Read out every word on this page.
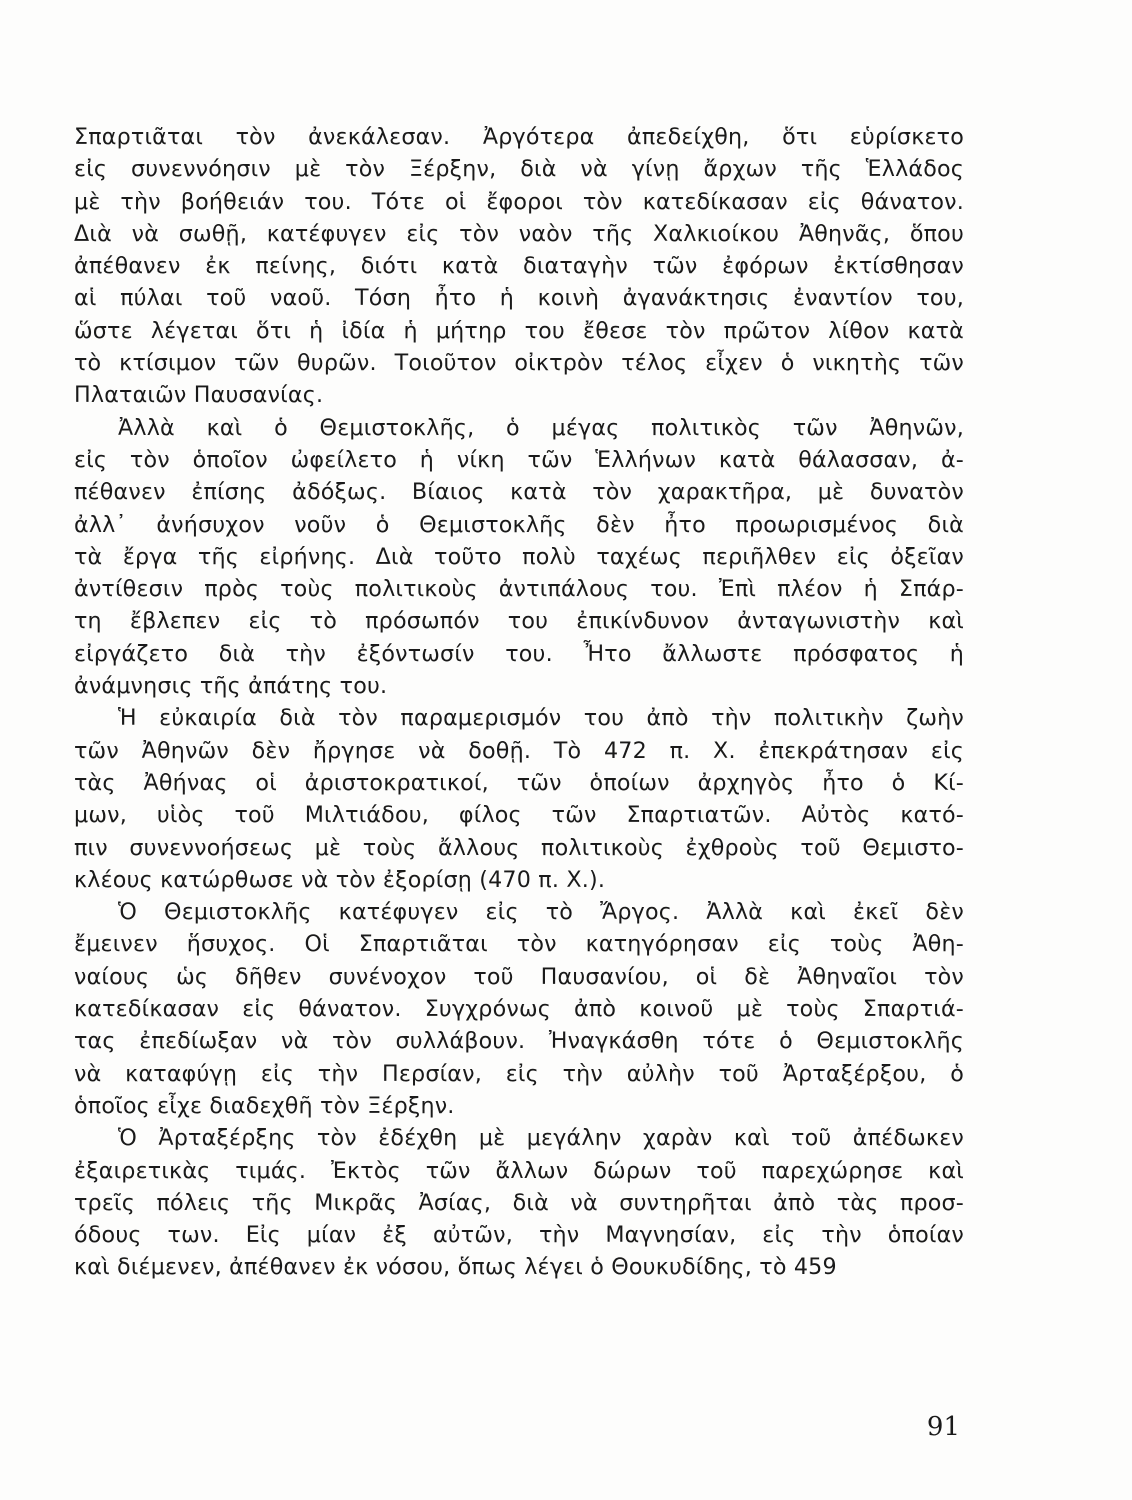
Σπαρτιᾶται τὸν ἀνεκάλεσαν. Ἀργότερα ἀπεδείχθη, ὅτι εὑρίσκετο
εἰς συνεννόησιν μὲ τὸν Ξέρξην, διὰ νὰ γίνῃ ἄρχων τῆς Ἑλλάδος
μὲ τὴν βοήθειάν του. Τότε οἱ ἔφοροι τὸν κατεδίκασαν εἰς θάνατον.
Διὰ νὰ σωθῇ, κατέφυγεν εἰς τὸν ναὸν τῆς Χαλκιοίκου Ἀθηνᾶς, ὅπου
ἀπέθανεν ἐκ πείνης, διότι κατὰ διαταγὴν τῶν ἐφόρων ἐκτίσθησαν
αἱ πύλαι τοῦ ναοῦ. Τόση ἦτο ἡ κοινὴ ἀγανάκτησις ἐναντίον του,
ὥστε λέγεται ὅτι ἡ ἰδία ἡ μήτηρ του ἔθεσε τὸν πρῶτον λίθον κατὰ
τὸ κτίσιμον τῶν θυρῶν. Τοιοῦτον οἰκτρὸν τέλος εἶχεν ὁ νικητὴς τῶν
Πλαταιῶν Παυσανίας.
Ἀλλὰ καὶ ὁ Θεμιστοκλῆς, ὁ μέγας πολιτικὸς τῶν Ἀθηνῶν,
εἰς τὸν ὁποῖον ὠφείλετο ἡ νίκη τῶν Ἑλλήνων κατὰ θάλασσαν, ἀ-
πέθανεν ἐπίσης ἀδόξως. Βίαιος κατὰ τὸν χαρακτῆρα, μὲ δυνατὸν
ἀλλ᾽ ἀνήσυχον νοῦν ὁ Θεμιστοκλῆς δὲν ἦτο προωρισμένος διὰ
τὰ ἔργα τῆς εἰρήνης. Διὰ τοῦτο πολὺ ταχέως περιῆλθεν εἰς ὀξεῖαν
ἀντίθεσιν πρὸς τοὺς πολιτικοὺς ἀντιπάλους του. Ἐπὶ πλέον ἡ Σπάρ-
τη ἔβλεπεν εἰς τὸ πρόσωπόν του ἐπικίνδυνον ἀνταγωνιστὴν καὶ
εἰργάζετο διὰ τὴν ἐξόντωσίν του. Ἦτο ἄλλωστε πρόσφατος ἡ
ἀνάμνησις τῆς ἀπάτης του.
Ἡ εὐκαιρία διὰ τὸν παραμερισμόν του ἀπὸ τὴν πολιτικὴν ζωὴν
τῶν Ἀθηνῶν δὲν ἤργησε νὰ δοθῇ. Τὸ 472 π. Χ. ἐπεκράτησαν εἰς
τὰς Ἀθήνας οἱ ἀριστοκρατικοί, τῶν ὁποίων ἀρχηγὸς ἦτο ὁ Κί-
μων, υἱὸς τοῦ Μιλτιάδου, φίλος τῶν Σπαρτιατῶν. Αὐτὸς κατό-
πιν συνεννοήσεως μὲ τοὺς ἄλλους πολιτικοὺς ἐχθροὺς τοῦ Θεμιστο-
κλέους κατώρθωσε νὰ τὸν ἐξορίσῃ (470 π. Χ.).
Ὁ Θεμιστοκλῆς κατέφυγεν εἰς τὸ Ἄργος. Ἀλλὰ καὶ ἐκεῖ δὲν
ἔμεινεν ἥσυχος. Οἱ Σπαρτιᾶται τὸν κατηγόρησαν εἰς τοὺς Ἀθη-
ναίους ὡς δῆθεν συνένοχον τοῦ Παυσανίου, οἱ δὲ Ἀθηναῖοι τὸν
κατεδίκασαν εἰς θάνατον. Συγχρόνως ἀπὸ κοινοῦ μὲ τοὺς Σπαρτιά-
τας ἐπεδίωξαν νὰ τὸν συλλάβουν. Ἠναγκάσθη τότε ὁ Θεμιστοκλῆς
νὰ καταφύγῃ εἰς τὴν Περσίαν, εἰς τὴν αὐλὴν τοῦ Ἀρταξέρξου, ὁ
ὁποῖος εἶχε διαδεχθῆ τὸν Ξέρξην.
Ὁ Ἀρταξέρξης τὸν ἐδέχθη μὲ μεγάλην χαρὰν καὶ τοῦ ἀπέδωκεν
ἐξαιρετικὰς τιμάς. Ἐκτὸς τῶν ἄλλων δώρων τοῦ παρεχώρησε καὶ
τρεῖς πόλεις τῆς Μικρᾶς Ἀσίας, διὰ νὰ συντηρῆται ἀπὸ τὰς προσ-
όδους των. Εἰς μίαν ἐξ αὐτῶν, τὴν Μαγνησίαν, εἰς τὴν ὁποίαν
καὶ διέμενεν, ἀπέθανεν ἐκ νόσου, ὅπως λέγει ὁ Θουκυδίδης, τὸ 459
91
